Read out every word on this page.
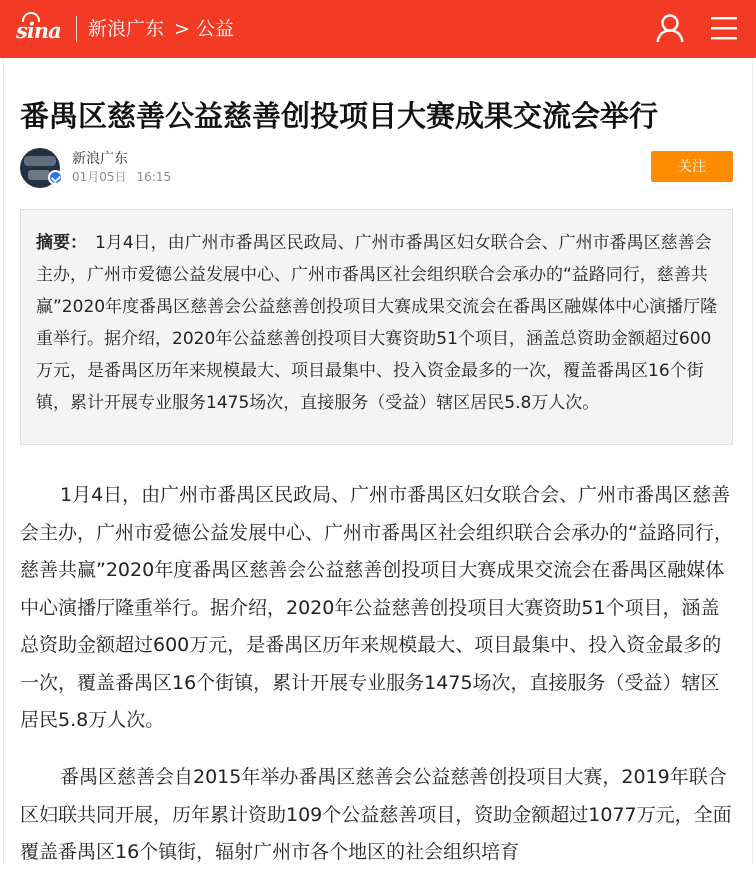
sina 新浪广东 > 公益
番禺区慈善公益慈善创投项目大赛成果交流会举行
新浪广东
01月05日 16:15
关注
摘要： 1月4日，由广州市番禺区民政局、广州市番禺区妇女联合会、广州市番禺区慈善会主办，广州市爱德公益发展中心、广州市番禺区社会组织联合会承办的“益路同行，慈善共赢”2020年度番禺区慈善会公益慈善创投项目大赛成果交流会在番禺区融媒体中心演播厅隆重举行。据介绍，2020年公益慈善创投项目大赛资助51个项目，涵盖总资助金额超过600万元，是番禺区历年来规模最大、项目最集中、投入资金最多的一次，覆盖番禺区16个街镇，累计开展专业服务1475场次，直接服务（受益）辖区居民5.8万人次。

1月4日，由广州市番禺区民政局、广州市番禺区妇女联合会、广州市番禺区慈善会主办，广州市爱德公益发展中心、广州市番禺区社会组织联合会承办的“益路同行，慈善共赢”2020年度番禺区慈善会公益慈善创投项目大赛成果交流会在番禺区融媒体中心演播厅隆重举行。据介绍，2020年公益慈善创投项目大赛资助51个项目，涵盖总资助金额超过600万元，是番禺区历年来规模最大、项目最集中、投入资金最多的一次，覆盖番禺区16个街镇，累计开展专业服务1475场次，直接服务（受益）辖区居民5.8万人次。

番禺区慈善会自2015年举办番禺区慈善会公益慈善创投项目大赛，2019年联合区妇联共同开展，历年累计资助109个公益慈善项目，资助金额超过1077万元，全面覆盖番禺区16个镇街，辐射广州市各个地区的社会组织培育
